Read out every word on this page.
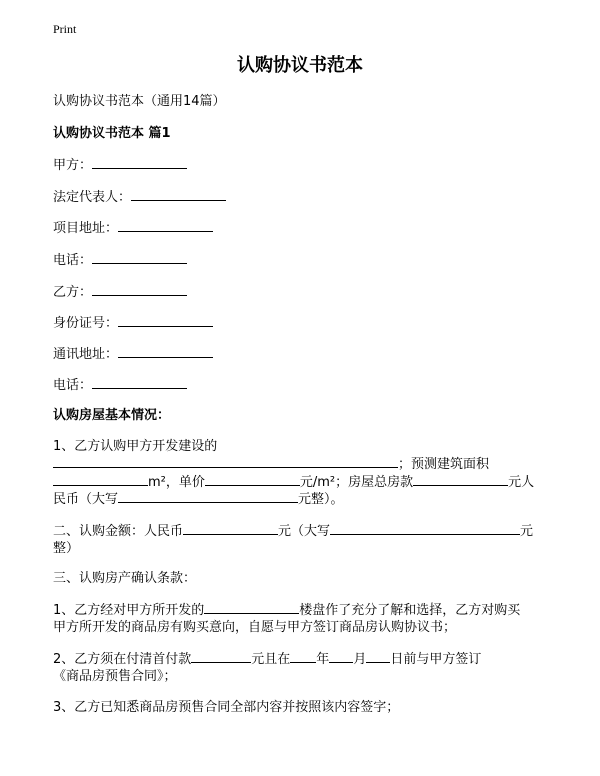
Print
认购协议书范本
认购协议书范本（通用14篇）
认购协议书范本 篇1
甲方：
法定代表人：
项目地址：
电话：
乙方：
身份证号：
通讯地址：
电话：
认购房屋基本情况：
1、乙方认购甲方开发建设的
；预测建筑面积
m²，单价	元/m²；房屋总房款	元人
民币（大写	元整）。
二、认购金额：人民币	元（大写	元
整）
三、认购房产确认条款：
1、乙方经对甲方所开发的	楼盘作了充分了解和选择，乙方对购买
甲方所开发的商品房有购买意向，自愿与甲方签订商品房认购协议书；
2、乙方须在付清首付款	元且在 年 月 日前与甲方签订
《商品房预售合同》；
3、乙方已知悉商品房预售合同全部内容并按照该内容签字；
